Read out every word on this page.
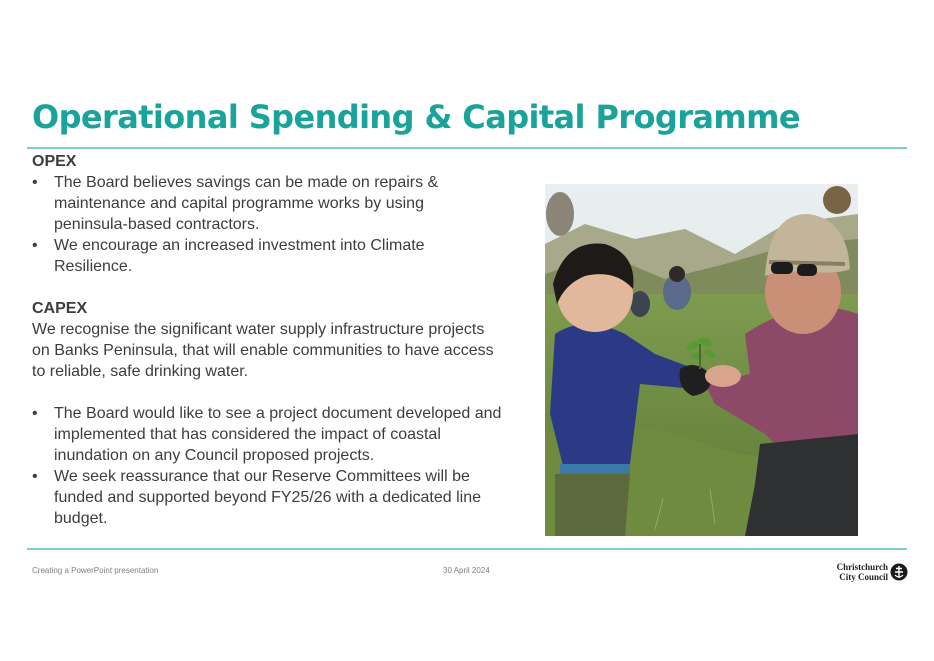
Operational Spending & Capital Programme
OPEX
• The Board believes savings can be made on repairs & maintenance and capital programme works by using peninsula-based contractors.
• We encourage an increased investment into Climate Resilience.
CAPEX

We recognise the significant water supply infrastructure projects on Banks Peninsula, that will enable communities to have access to reliable, safe drinking water.

• The Board would like to see a project document developed and implemented that has considered the impact of coastal inundation on any Council proposed projects.
• We seek reassurance that our Reserve Committees will be funded and supported beyond FY25/26 with a dedicated line budget.
Creating a PowerPoint presentation	30 April 2024	Christchurch
City Council
